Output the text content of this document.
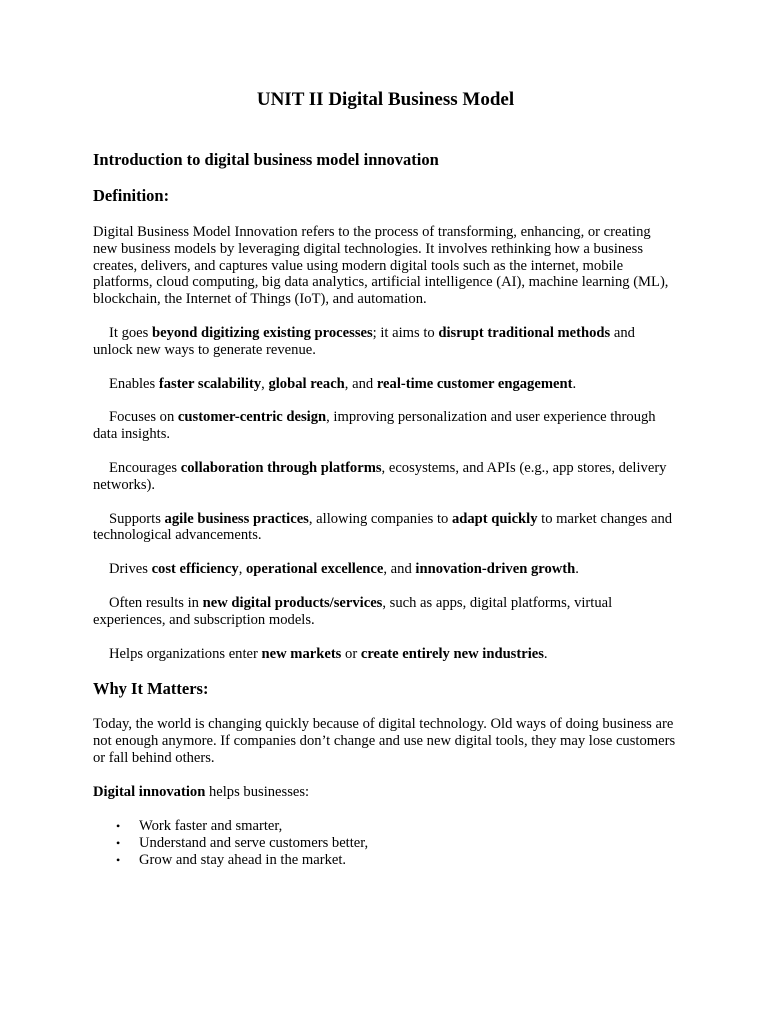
UNIT II Digital Business Model
Introduction to digital business model innovation
Definition:

Digital Business Model Innovation refers to the process of transforming, enhancing, or creating new business models by leveraging digital technologies. It involves rethinking how a business creates, delivers, and captures value using modern digital tools such as the internet, mobile platforms, cloud computing, big data analytics, artificial intelligence (AI), machine learning (ML), blockchain, the Internet of Things (IoT), and automation.

It goes beyond digitizing existing processes; it aims to disrupt traditional methods and unlock new ways to generate revenue.

Enables faster scalability, global reach, and real-time customer engagement.

Focuses on customer-centric design, improving personalization and user experience through data insights.

Encourages collaboration through platforms, ecosystems, and APIs (e.g., app stores, delivery networks).

Supports agile business practices, allowing companies to adapt quickly to market changes and technological advancements.

Drives cost efficiency, operational excellence, and innovation-driven growth.

Often results in new digital products/services, such as apps, digital platforms, virtual experiences, and subscription models.

Helps organizations enter new markets or create entirely new industries.

Why It Matters:

Today, the world is changing quickly because of digital technology. Old ways of doing business are not enough anymore. If companies don’t change and use new digital tools, they may lose customers or fall behind others.

Digital innovation helps businesses:

• Work faster and smarter,
• Understand and serve customers better,
• Grow and stay ahead in the market.
